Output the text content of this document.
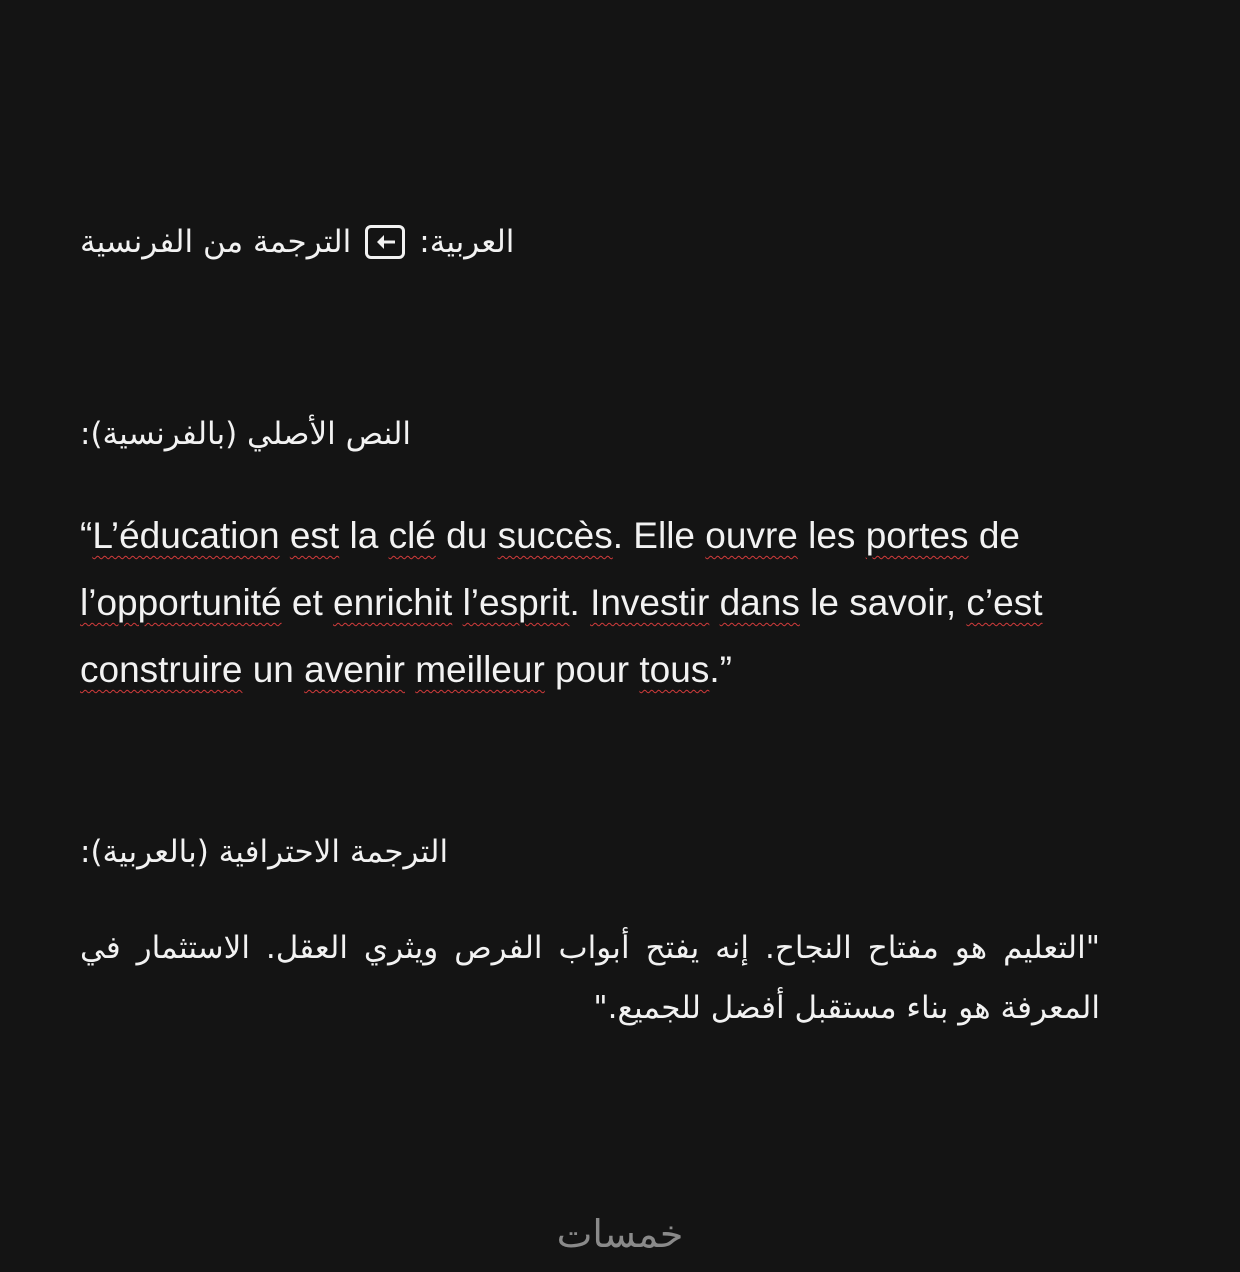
الترجمة من الفرنسية العربية:
النص الأصلي (بالفرنسية):
“L’éducation est la clé du succès. Elle ouvre les portes de l’opportunité et enrichit l’esprit. Investir dans le savoir, c’est construire un avenir meilleur pour tous.”
الترجمة الاحترافية (بالعربية):
"التعليم هو مفتاح النجاح. إنه يفتح أبواب الفرص ويثري العقل. الاستثمار في المعرفة هو بناء مستقبل أفضل للجميع."
خمسات
